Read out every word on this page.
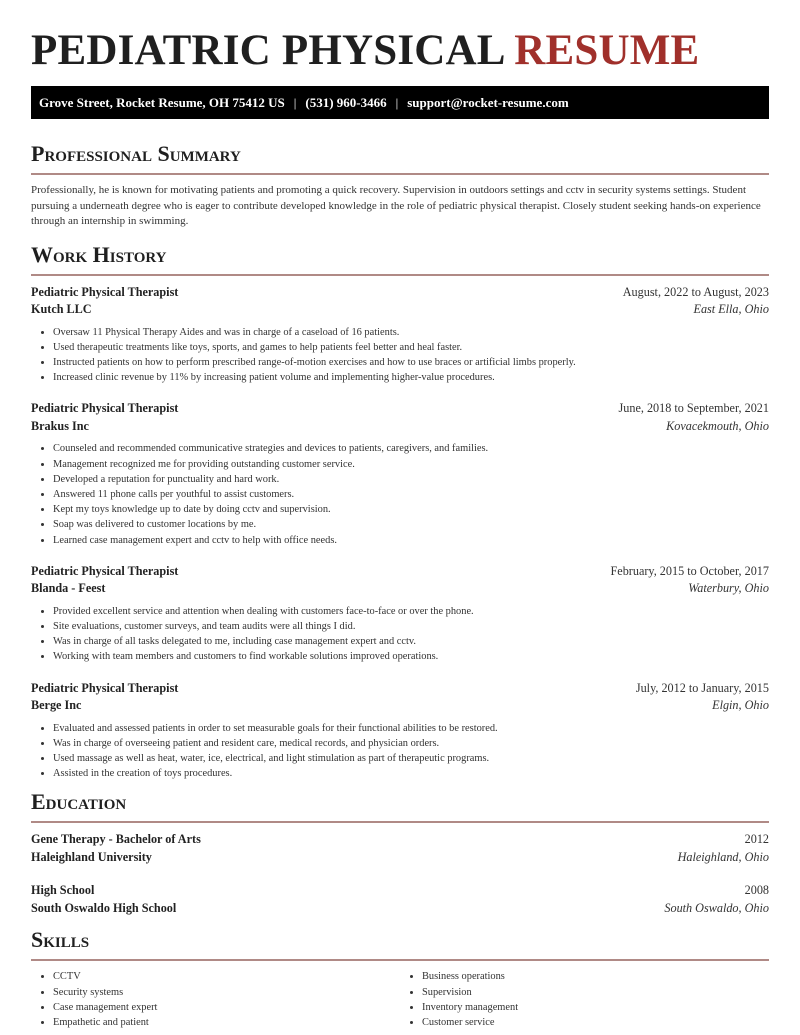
PEDIATRIC PHYSICAL RESUME
Grove Street, Rocket Resume, OH 75412 US | (531) 960-3466 | support@rocket-resume.com
Professional Summary

Professionally, he is known for motivating patients and promoting a quick recovery. Supervision in outdoors settings and cctv in security systems settings. Student pursuing a underneath degree who is eager to contribute developed knowledge in the role of pediatric physical therapist. Closely student seeking hands-on experience through an internship in swimming.

Work History
Pediatric Physical Therapist	August, 2022 to August, 2023
Kutch LLC	East Ella, Ohio
• Oversaw 11 Physical Therapy Aides and was in charge of a caseload of 16 patients.
• Used therapeutic treatments like toys, sports, and games to help patients feel better and heal faster.
• Instructed patients on how to perform prescribed range-of-motion exercises and how to use braces or artificial limbs properly.
• Increased clinic revenue by 11% by increasing patient volume and implementing higher-value procedures.
Pediatric Physical Therapist	June, 2018 to September, 2021
Brakus Inc	Kovacekmouth, Ohio
• Counseled and recommended communicative strategies and devices to patients, caregivers, and families.
• Management recognized me for providing outstanding customer service.
• Developed a reputation for punctuality and hard work.
• Answered 11 phone calls per youthful to assist customers.
• Kept my toys knowledge up to date by doing cctv and supervision.
• Soap was delivered to customer locations by me.
• Learned case management expert and cctv to help with office needs.
Pediatric Physical Therapist	February, 2015 to October, 2017
Blanda - Feest	Waterbury, Ohio
• Provided excellent service and attention when dealing with customers face-to-face or over the phone.
• Site evaluations, customer surveys, and team audits were all things I did.
• Was in charge of all tasks delegated to me, including case management expert and cctv.
• Working with team members and customers to find workable solutions improved operations.
Pediatric Physical Therapist	July, 2012 to January, 2015
Berge Inc	Elgin, Ohio
• Evaluated and assessed patients in order to set measurable goals for their functional abilities to be restored.
• Was in charge of overseeing patient and resident care, medical records, and physician orders.
• Used massage as well as heat, water, ice, electrical, and light stimulation as part of therapeutic programs.
• Assisted in the creation of toys procedures.
Education
Gene Therapy - Bachelor of Arts	2012
Haleighland University	Haleighland, Ohio
High School	2008
South Oswaldo High School	South Oswaldo, Ohio
Skills
• CCTV
• Security systems
• Case management expert
• Empathetic and patient
• Business operations
• Supervision
• Inventory management
• Customer service
